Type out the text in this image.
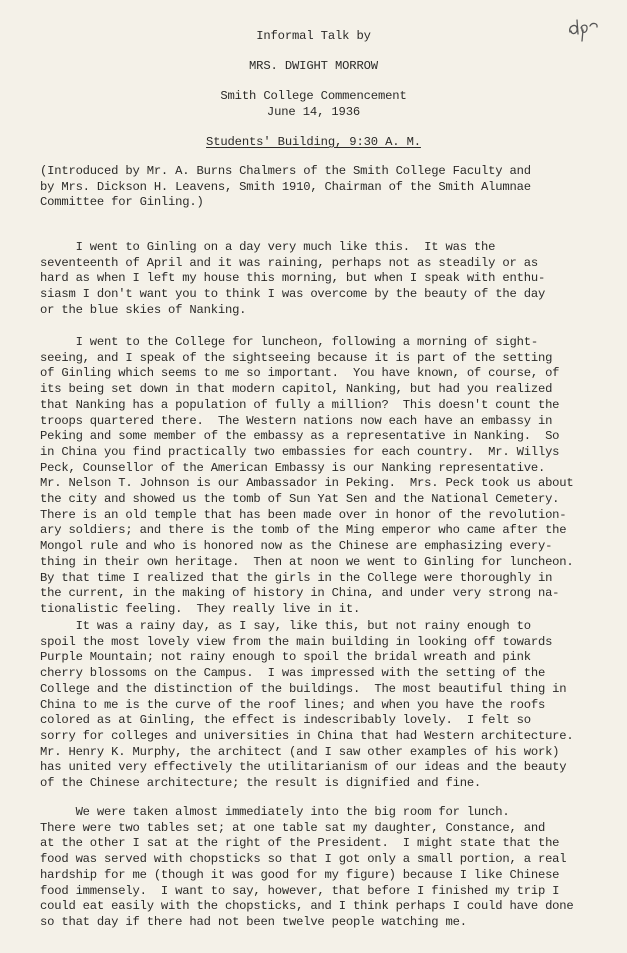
Informal Talk by
MRS. DWIGHT MORROW
Smith College Commencement
June 14, 1936
Students' Building, 9:30 A. M.
(Introduced by Mr. A. Burns Chalmers of the Smith College Faculty and
by Mrs. Dickson H. Leavens, Smith 1910, Chairman of the Smith Alumnae
Committee for Ginling.)
I went to Ginling on a day very much like this.  It was the
seventeenth of April and it was raining, perhaps not as steadily or as
hard as when I left my house this morning, but when I speak with enthu-
siasm I don't want you to think I was overcome by the beauty of the day
or the blue skies of Nanking.
I went to the College for luncheon, following a morning of sight-
seeing, and I speak of the sightseeing because it is part of the setting
of Ginling which seems to me so important.  You have known, of course, of
its being set down in that modern capitol, Nanking, but had you realized
that Nanking has a population of fully a million?  This doesn't count the
troops quartered there.  The Western nations now each have an embassy in
Peking and some member of the embassy as a representative in Nanking.  So
in China you find practically two embassies for each country.  Mr. Willys
Peck, Counsellor of the American Embassy is our Nanking representative.
Mr. Nelson T. Johnson is our Ambassador in Peking.  Mrs. Peck took us about
the city and showed us the tomb of Sun Yat Sen and the National Cemetery.
There is an old temple that has been made over in honor of the revolution-
ary soldiers; and there is the tomb of the Ming emperor who came after the
Mongol rule and who is honored now as the Chinese are emphasizing every-
thing in their own heritage.  Then at noon we went to Ginling for luncheon.
By that time I realized that the girls in the College were thoroughly in
the current, in the making of history in China, and under very strong na-
tionalistic feeling.  They really live in it.
It was a rainy day, as I say, like this, but not rainy enough to
spoil the most lovely view from the main building in looking off towards
Purple Mountain; not rainy enough to spoil the bridal wreath and pink
cherry blossoms on the Campus.  I was impressed with the setting of the
College and the distinction of the buildings.  The most beautiful thing in
China to me is the curve of the roof lines; and when you have the roofs
colored as at Ginling, the effect is indescribably lovely.  I felt so
sorry for colleges and universities in China that had Western architecture.
Mr. Henry K. Murphy, the architect (and I saw other examples of his work)
has united very effectively the utilitarianism of our ideas and the beauty
of the Chinese architecture; the result is dignified and fine.
We were taken almost immediately into the big room for lunch.
There were two tables set; at one table sat my daughter, Constance, and
at the other I sat at the right of the President.  I might state that the
food was served with chopsticks so that I got only a small portion, a real
hardship for me (though it was good for my figure) because I like Chinese
food immensely.  I want to say, however, that before I finished my trip I
could eat easily with the chopsticks, and I think perhaps I could have done
so that day if there had not been twelve people watching me.
